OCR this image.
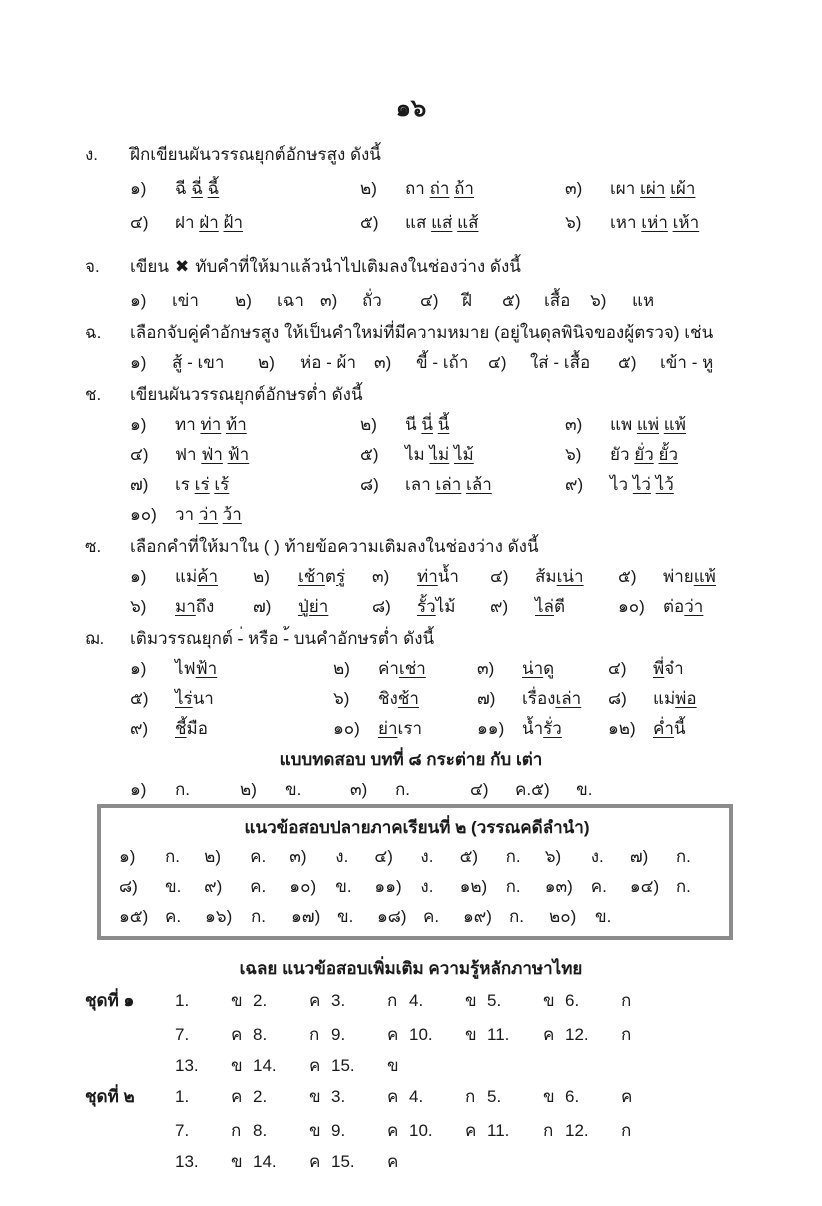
๑๖
ง.	ฝึกเขียนผันวรรณยุกต์อักษรสูง ดังนี้
๑) ฉี ฉี่ ฉี้	๒) ถา ถ่า ถ้า	๓) เผา เผ่า เผ้า
๔) ฝา ฝ่า ฝ้า	๕) แส แส่ แส้	๖) เหา เห่า เห้า
จ.	เขียน ✖ ทับคำที่ให้มาแล้วนำไปเติมลงในช่องว่าง ดังนี้
๑) เข่า	๒) เฉา ๓) ถั่ว	๔) ฝี	๕) เสื้อ	๖) แห
ฉ.	เลือกจับคู่คำอักษรสูง ให้เป็นคำใหม่ที่มีความหมาย (อยู่ในดุลพินิจของผู้ตรวจ) เช่น
๑) สู้ - เขา	๒) ห่อ - ผ้า	๓) ขี้ - เถ้า	๔) ใส่ - เสื้อ	๕) เข้า - หู
ช.	เขียนผันวรรณยุกต์อักษรต่ำ ดังนี้
๑) ทา ท่า ท้า	๒) นี นี่ นี้	๓) แพ แพ่ แพ้
๔) ฟา ฟ่า ฟ้า	๕) ไม ไม่ ไม้	๖) ยัว ยั่ว ยั้ว
๗) เร เร่ เร้	๘) เลา เล่า เล้า	๙) ไว ไว่ ไว้
๑๐) วา ว่า ว้า
ซ.	เลือกคำที่ให้มาใน ( ) ท้ายข้อความเติมลงในช่องว่าง ดังนี้
๑) แม่ค้า	๒) เช้าตรู่	๓) ท่าน้ำ	๔) ส้มเน่า	๕) พ่ายแพ้
๖) มาถึง	๗) ปู่ย่า	๘) รั้วไม้	๙) ไล่ตี	๑๐) ต่อว่า
ฌ.	เติมวรรณยุกต์ -่ หรือ -้ บนคำอักษรต่ำ ดังนี้
๑) ไฟฟ้า	๒) ค่าเช่า	๓) น่าดู	๔) พี่จ๋า
๕) ไร่นา	๖) ชิงช้า	๗) เรื่องเล่า	๘) แม่พ่อ
๙) ชี้มือ	๑๐) ย่าเรา	๑๑) น้ำรั่ว	๑๒) ค่ำนี้
แบบทดสอบ บทที่ ๘ กระต่าย กับ เต่า
๑) ก.	๒) ข.	๓) ก.	๔) ค. ๕) ข.
แนวข้อสอบปลายภาคเรียนที่ ๒ (วรรณคดีลำนำ)
๑) ก.	๒) ค.	๓) ง.	๔) ง.	๕) ก.	๖) ง.	๗) ก.
๘) ข.	๙) ค.	๑๐) ข.	๑๑) ง.	๑๒) ก.	๑๓) ค.	๑๔) ก.
๑๕) ค.	๑๖) ก.	๑๗) ข.	๑๘) ค.	๑๙) ก.	๒๐) ข.
เฉลย แนวข้อสอบเพิ่มเติม ความรู้หลักภาษาไทย
ชุดที่ ๑	1. ข 2. ค 3. ก 4. ข 5. ข 6. ก
7. ค 8. ก 9. ค 10. ข 11. ค 12. ก
13. ข 14. ค 15. ข
ชุดที่ ๒	1. ค 2. ข 3. ค 4. ก 5. ข 6. ค
7. ก 8. ข 9. ค 10. ค 11. ก 12. ก
13. ข 14. ค 15. ค
